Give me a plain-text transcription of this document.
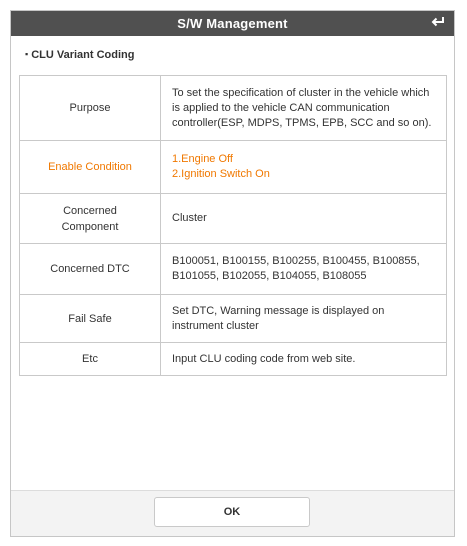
S/W Management
▪ CLU Variant Coding
Purpose	To set the specification of cluster in the vehicle which is applied to the vehicle CAN communication controller(ESP, MDPS, TPMS, EPB, SCC and so on).
Enable Condition	1.Engine Off
2.Ignition Switch On

Concerned
Component	Cluster
Concerned DTC	B100051, B100155, B100255, B100455, B100855, B101055, B102055, B104055, B108055
Fail Safe	Set DTC, Warning message is displayed on instrument cluster
Etc	Input CLU coding code from web site.
OK
